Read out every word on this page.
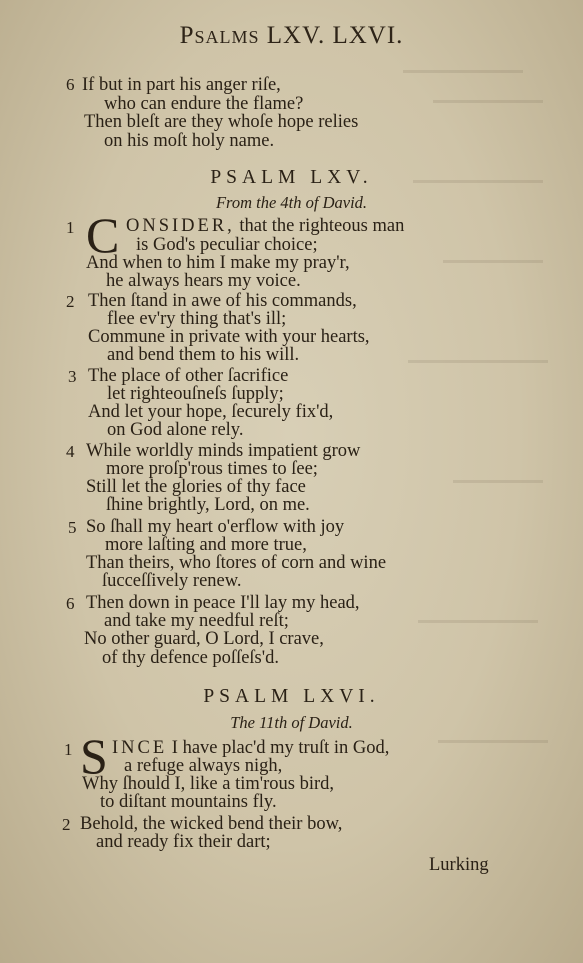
Psalms LXV. LXVI.
6 If but in part his anger riſe,
who can endure the flame?
Then bleſt are they whoſe hope relies
on his moſt holy name.
PSALM LXV.
From the 4th of David.
1 C ONSIDER, that the righteous man
is God's peculiar choice;
And when to him I make my pray'r,
he always hears my voice.
2 Then ſtand in awe of his commands,
flee ev'ry thing that's ill;
Commune in private with your hearts,
and bend them to his will.
3 The place of other ſacrifice
let righteouſneſs ſupply;
And let your hope, ſecurely fix'd,
on God alone rely.
4 While worldly minds impatient grow
more proſp'rous times to ſee;
Still let the glories of thy face
ſhine brightly, Lord, on me.
5 So ſhall my heart o'erflow with joy
more laſting and more true,
Than theirs, who ſtores of corn and wine
ſucceſſively renew.
6 Then down in peace I'll lay my head,
and take my needful reſt;
No other guard, O Lord, I crave,
of thy defence poſſeſs'd.
PSALM LXVI.
The 11th of David.
1 S INCE I have plac'd my truſt in God,
a refuge always nigh,
Why ſhould I, like a tim'rous bird,
to diſtant mountains fly.
2 Behold, the wicked bend their bow,
and ready fix their dart;
Lurking
